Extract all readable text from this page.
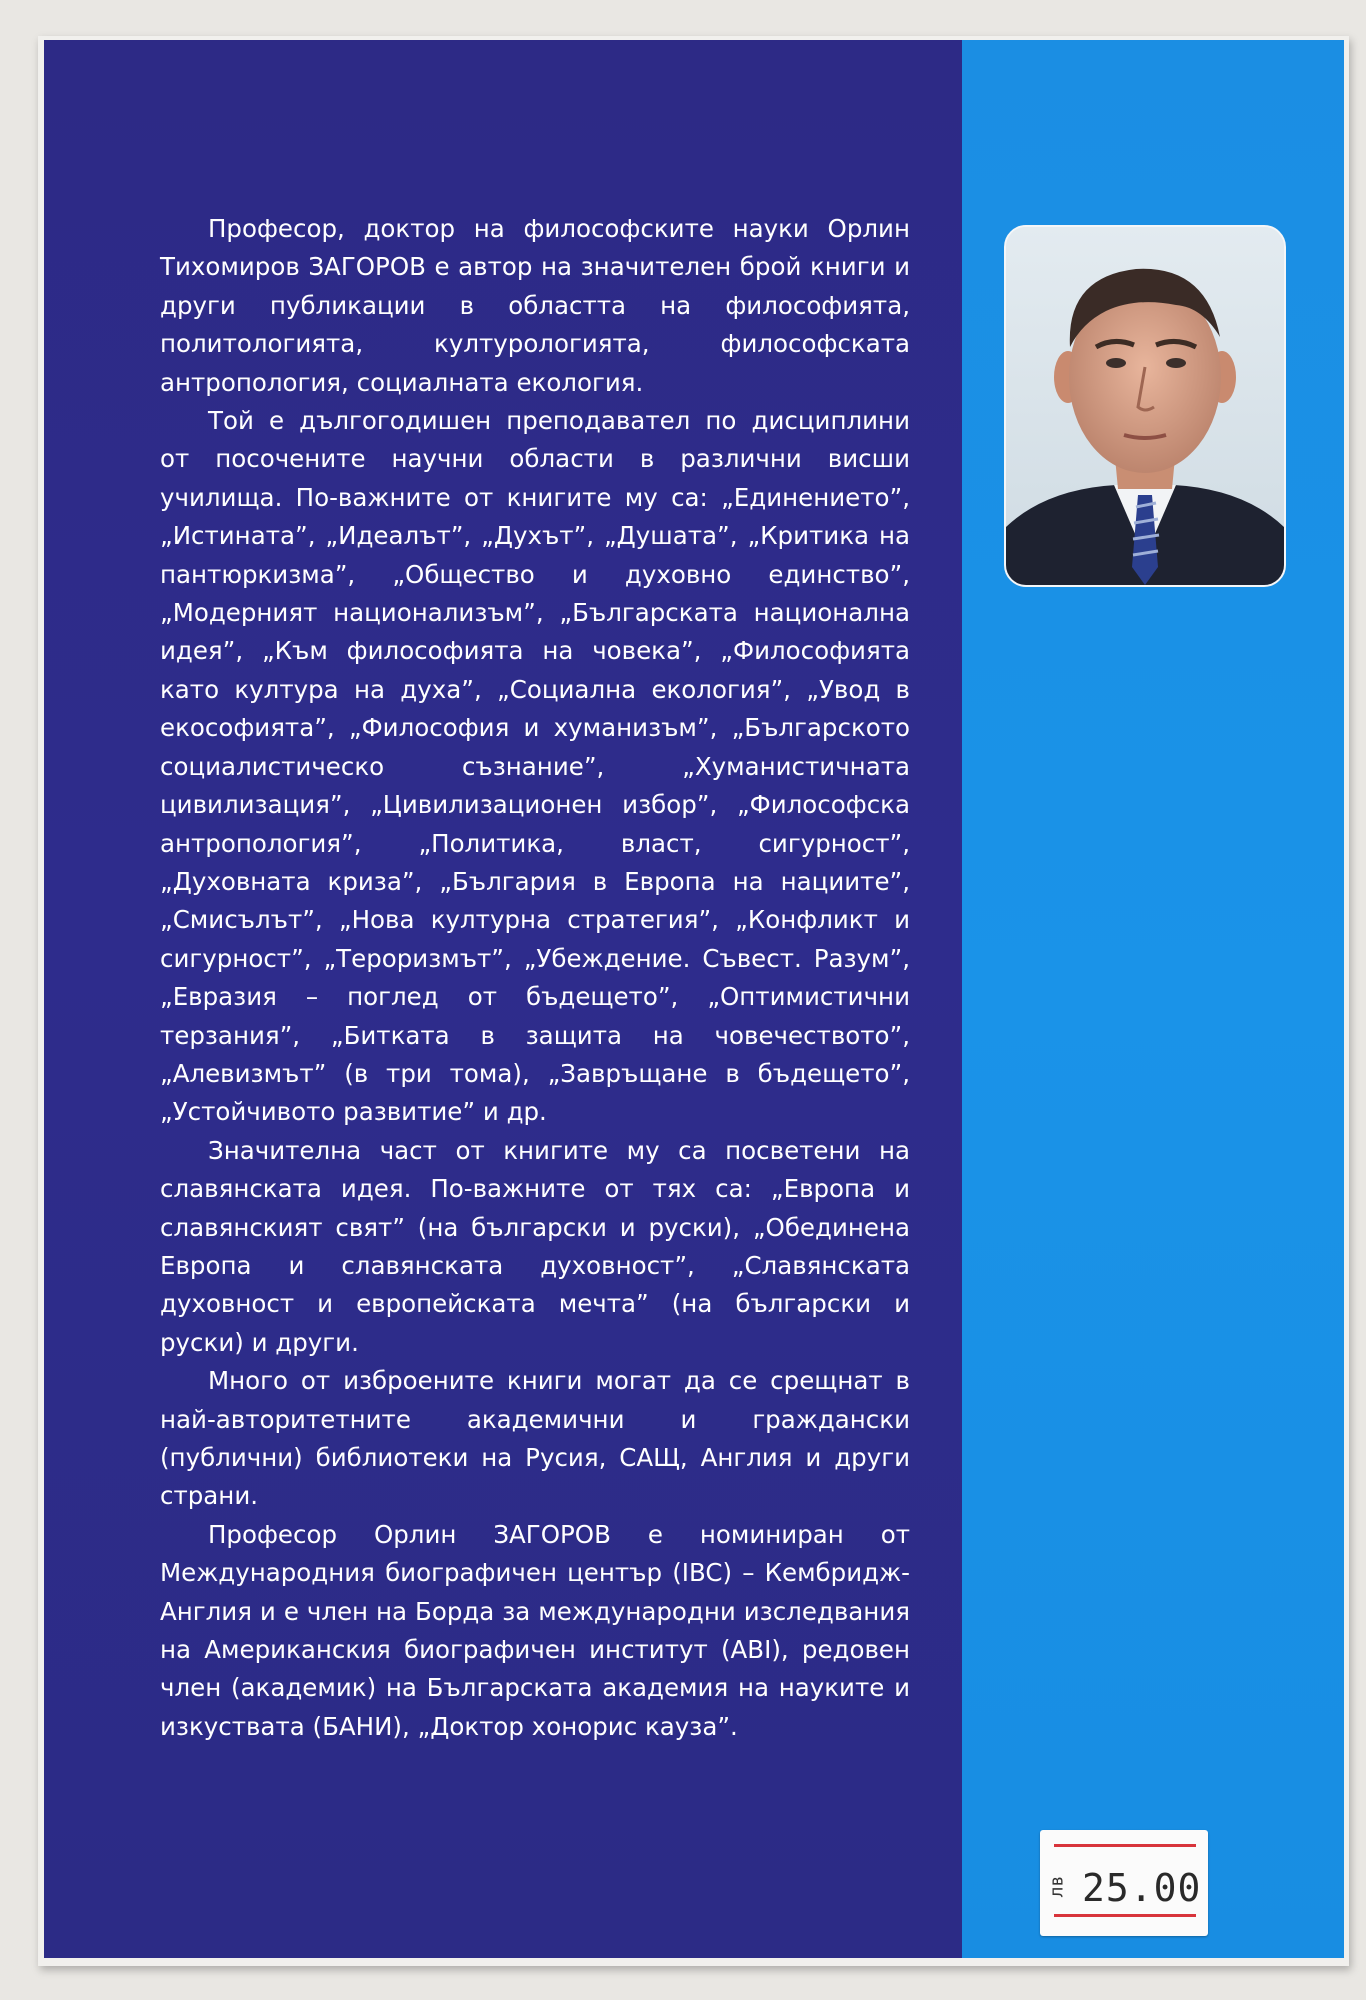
Професор, доктор на философските науки Орлин Тихомиров ЗАГОРОВ е автор на значителен брой книги и други публикации в областта на философията, политологията, културологията, философската антропология, социалната екология.

Той е дългогодишен преподавател по дисциплини от посочените научни области в различни висши училища. По-важните от книгите му са: „Единението”, „Истината”, „Идеалът”, „Духът”, „Душата”, „Критика на пантюркизма”, „Общество и духовно единство”, „Модерният национализъм”, „Българската национална идея”, „Към философията на човека”, „Философията като култура на духа”, „Социална екология”, „Увод в екософията”, „Философия и хуманизъм”, „Българското социалистическо съзнание”, „Хуманистичната цивилизация”, „Цивилизационен избор”, „Философска антропология”, „Политика, власт, сигурност”, „Духовната криза”, „България в Европа на нациите”, „Смисълът”, „Нова културна стратегия”, „Конфликт и сигурност”, „Тероризмът”, „Убеждение. Съвест. Разум”, „Евразия – поглед от бъдещето”, „Оптимистични терзания”, „Битката в защита на човечеството”, „Алевизмът” (в три тома), „Завръщане в бъдещето”, „Устойчивото развитие” и др.

Значителна част от книгите му са посветени на славянската идея. По-важните от тях са: „Европа и славянският свят” (на български и руски), „Обединена Европа и славянската духовност”, „Славянската духовност и европейската мечта” (на български и руски) и други.

Много от изброените книги могат да се срещнат в най-авторитетните академични и граждански (публични) библиотеки на Русия, САЩ, Англия и други страни.

Професор Орлин ЗАГОРОВ е номиниран от Международния биографичен център (IBC) – Кембридж- Англия и е член на Борда за международни изследвания на Американския биографичен институт (ABI), редовен член (академик) на Българската академия на науките и изкуствата (БАНИ), „Доктор хонорис кауза”.

лв 25.00
